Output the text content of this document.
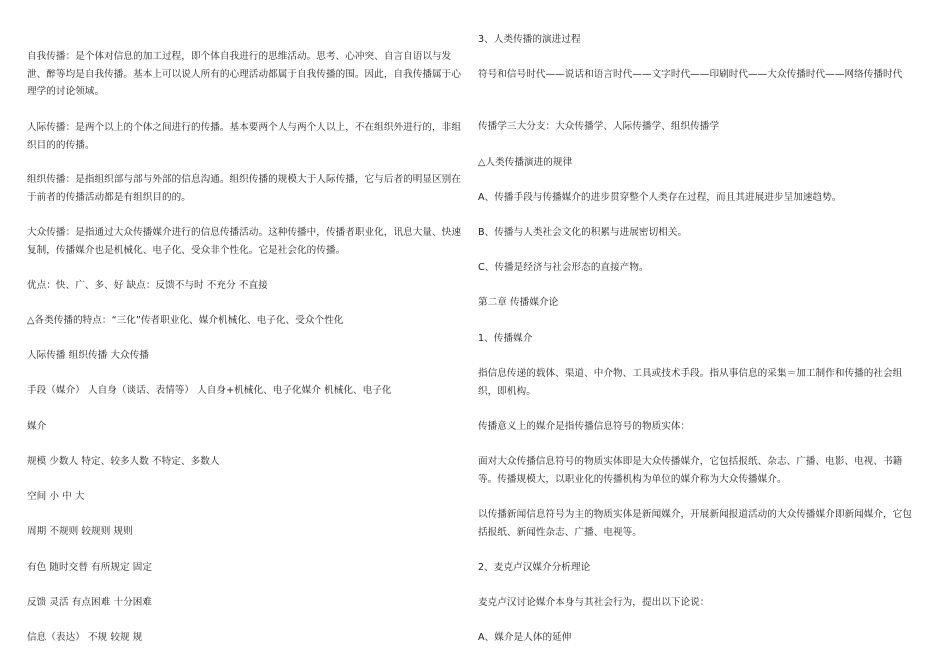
自我传播：是个体对信息的加工过程，即个体自我进行的思维活动。思考、心冲突、自言自语以与发泄、醉等均是自我传播。基本上可以说人所有的心理活动都属于自我传播的围。因此，自我传播属于心理学的讨论领域。

人际传播：是两个以上的个体之间进行的传播。基本要两个人与两个人以上，不在组织外进行的，非组织目的的传播。

组织传播：是指组织部与部与外部的信息沟通。组织传播的规模大于人际传播，它与后者的明显区别在于前者的传播活动都是有组织目的的。

大众传播：是指通过大众传播媒介进行的信息传播活动。这种传播中，传播者职业化，讯息大量、快速复制，传播媒介也是机械化、电子化、受众非个性化。它是社会化的传播。

优点：快、广、多、好 缺点：反馈不与时 不充分 不直接

△各类传播的特点：“三化”传者职业化、媒介机械化、电子化、受众个性化

人际传播 组织传播 大众传播

手段（媒介） 人自身（谈话、表情等） 人自身+机械化、电子化媒介 机械化、电子化

媒介

规模 少数人 特定、较多人数 不特定、多数人

空间 小 中 大

周期 不规则 较规则 规则

有色 随时交替 有所规定 固定

反馈 灵活 有点困难 十分困难

信息（表达） 不规 较规 规

3、人类传播的演进过程

符号和信号时代——说话和语言时代——文字时代——印刷时代——大众传播时代——网络传播时代

传播学三大分支：大众传播学、人际传播学、组织传播学

△人类传播演进的规律

A、传播手段与传播媒介的进步贯穿整个人类存在过程，而且其进展进步呈加速趋势。

B、传播与人类社会文化的积累与进展密切相关。

C、传播是经济与社会形态的直接产物。

第二章 传播媒介论

1、传播媒介

指信息传递的载体、渠道、中介物、工具或技术手段。指从事信息的采集＝加工制作和传播的社会组织，即机构。

传播意义上的媒介是指传播信息符号的物质实体：

面对大众传播信息符号的物质实体即是大众传播媒介，它包括报纸、杂志、广播、电影、电视、书籍等。传播规模大，以职业化的传播机构为单位的媒介称为大众传播媒介。

以传播新闻信息符号为主的物质实体是新闻媒介，开展新闻报道活动的大众传播媒介即新闻媒介，它包括报纸、新闻性杂志、广播、电视等。

2、麦克卢汉媒介分析理论

麦克卢汉讨论媒介本身与其社会行为，提出以下论说：

A、媒介是人体的延伸
